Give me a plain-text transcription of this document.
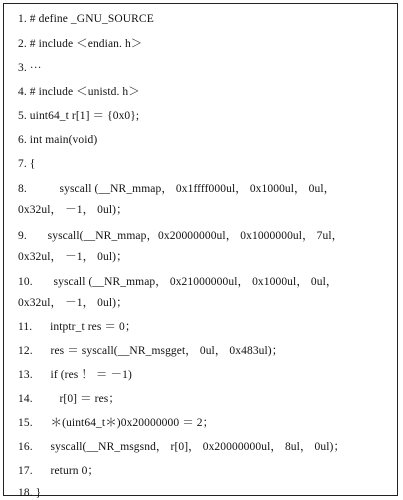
1. # define _GNU_SOURCE
2. # include ＜endian. h＞
3. ···
4. # include ＜unistd. h＞
5. uint64_t r[1] ＝ {0x0};
6. int main(void)
7. {
8.           syscall (__NR_mmap， 0x1ffff000ul， 0x1000ul， 0ul，
0x32ul， －1， 0ul)；
9.       syscall(__NR_mmap，0x20000000ul， 0x1000000ul， 7ul，
0x32ul， －1， 0ul)；
10.       syscall (__NR_mmap， 0x21000000ul， 0x1000ul， 0ul，
0x32ul， －1， 0ul)；
11.      intptr_t res ＝ 0；
12.      res ＝ syscall(__NR_msgget， 0ul， 0x483ul)；
13.      if (res ！ ＝ －1)
14.         r[0] ＝ res；
15.      ＊(uint64_t＊)0x20000000 ＝ 2；
16.      syscall(__NR_msgsnd， r[0]， 0x20000000ul， 8ul， 0ul)；
17.      return 0；
18. }
